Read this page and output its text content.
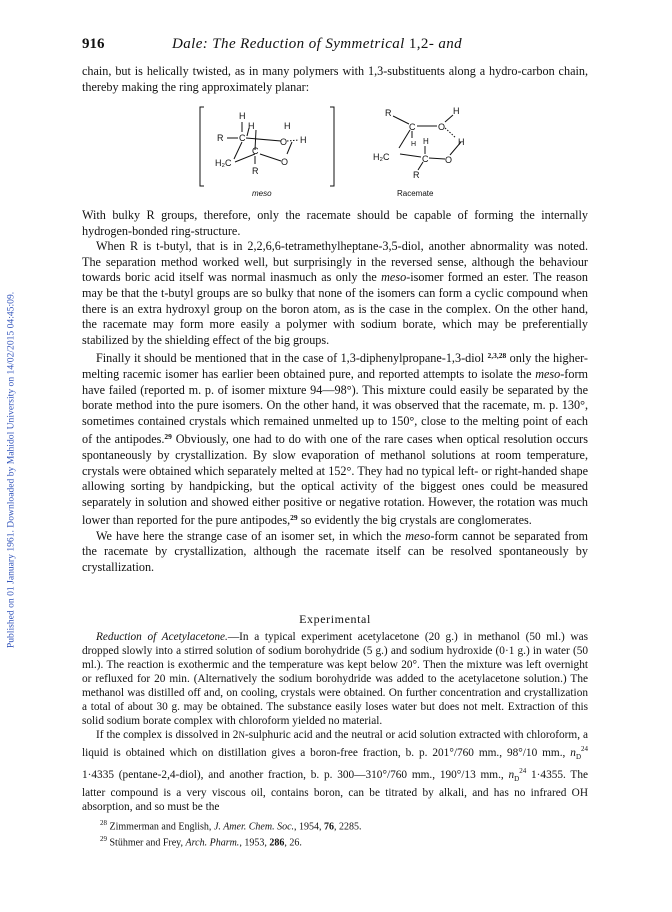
Published on 01 January 1961. Downloaded by Mahidol University on 14/02/2015 04:45:09.
916	Dale: The Reduction of Symmetrical 1,2- and

chain, but is helically twisted, as in many polymers with 1,3-substituents along a hydro-carbon chain, thereby making the ring approximately planar:

H
R C
H	H
O H
H₂C
C
O
R
meso
R
C	O
H
H H	H
H₂C	C O
R
Racemate

With bulky R groups, therefore, only the racemate should be capable of forming the internally hydrogen-bonded ring-structure.

When R is t-butyl, that is in 2,2,6,6-tetramethylheptane-3,5-diol, another abnormality was noted. The separation method worked well, but surprisingly in the reversed sense, although the behaviour towards boric acid itself was normal inasmuch as only the meso-isomer formed an ester. The reason may be that the t-butyl groups are so bulky that none of the isomers can form a cyclic compound when there is an extra hydroxyl group on the boron atom, as is the case in the complex. On the other hand, the racemate may form more easily a polymer with sodium borate, which may be preferentially stabilized by the shielding effect of the big groups.

Finally it should be mentioned that in the case of 1,3-diphenylpropane-1,3-diol $^{2,3,28}$ only the higher-melting racemic isomer has earlier been obtained pure, and reported attempts to isolate the meso-form have failed (reported m. p. of isomer mixture 94—98°). This mixture could easily be separated by the borate method into the pure isomers. On the other hand, it was observed that the racemate, m. p. 130°, sometimes contained crystals which remained unmelted up to 150°, close to the melting point of each of the antipodes.$^{29}$ Obviously, one had to do with one of the rare cases when optical resolution occurs spontaneously by crystallization. By slow evaporation of methanol solutions at room temperature, crystals were obtained which separately melted at 152°. They had no typical left- or right-handed shape allowing sorting by handpicking, but the optical activity of the biggest ones could be measured separately in solution and showed either positive or negative rotation. However, the rotation was much lower than reported for the pure antipodes,$^{29}$ so evidently the big crystals are conglomerates.

We have here the strange case of an isomer set, in which the meso-form cannot be separated from the racemate by crystallization, although the racemate itself can be resolved spontaneously by crystallization.

Experimental

Reduction of Acetylacetone.—In a typical experiment acetylacetone (20 g.) in methanol (50 ml.) was dropped slowly into a stirred solution of sodium borohydride (5 g.) and sodium hydroxide (0·1 g.) in water (50 ml.). The reaction is exothermic and the temperature was kept below 20°. Then the mixture was left overnight or refluxed for 20 min. (Alternatively the sodium borohydride was added to the acetylacetone solution.) The methanol was distilled off and, on cooling, crystals were obtained. On further concentration and crystallization a total of about 30 g. may be obtained. The substance easily loses water but does not melt. Extraction of this solid sodium borate complex with chloroform yielded no material.

If the complex is dissolved in 2N-sulphuric acid and the neutral or acid solution extracted with chloroform, a liquid is obtained which on distillation gives a boron-free fraction, b. p. 201°/760 mm., 98°/10 mm., $n_D^{24}$ 1·4335 (pentane-2,4-diol), and another fraction, b. p. 300—310°/760 mm., 190°/13 mm., $n_D^{24}$ 1·4355. The latter compound is a very viscous oil, contains boron, can be titrated by alkali, and has no infrared OH absorption, and so must be the

$^{28}$ Zimmerman and English, J. Amer. Chem. Soc., 1954, 76, 2285.
$^{29}$ Stühmer and Frey, Arch. Pharm., 1953, 286, 26.
